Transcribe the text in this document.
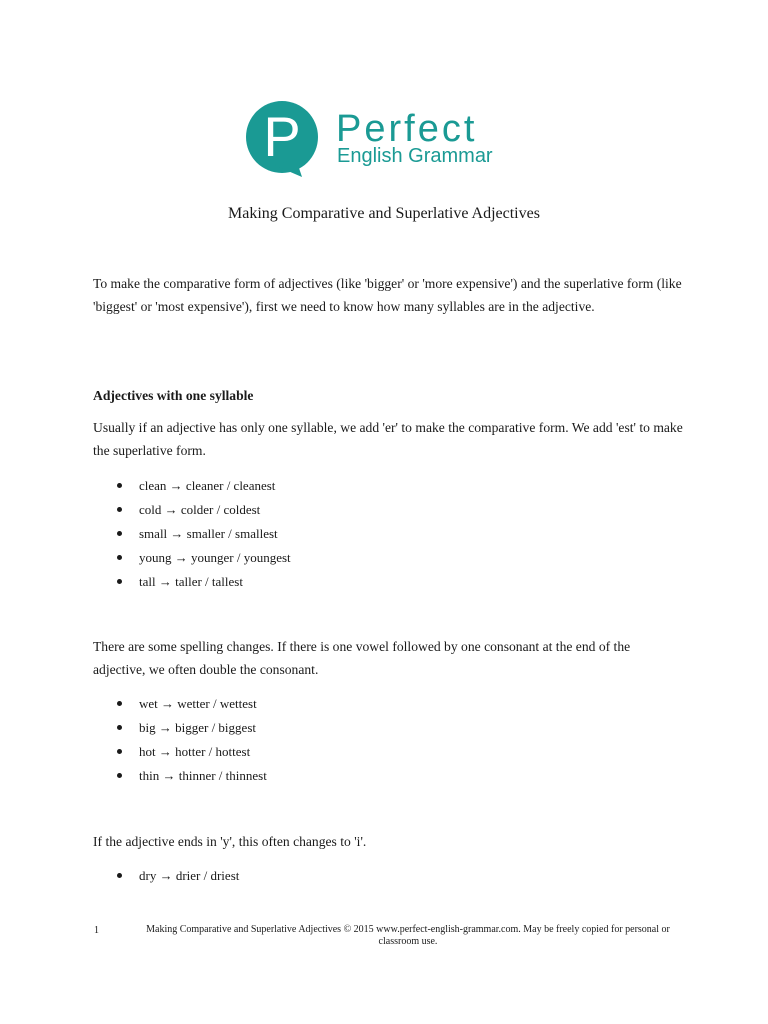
P Perfect
English Grammar
Making Comparative and Superlative Adjectives
To make the comparative form of adjectives (like 'bigger' or 'more expensive') and the superlative form (like 'biggest' or 'most expensive'), first we need to know how many syllables are in the adjective.
Adjectives with one syllable
Usually if an adjective has only one syllable, we add 'er' to make the comparative form. We add 'est' to make the superlative form.
clean → cleaner / cleanest
cold → colder / coldest
small → smaller / smallest
young → younger / youngest
tall → taller / tallest
There are some spelling changes. If there is one vowel followed by one consonant at the end of the adjective, we often double the consonant.
wet → wetter / wettest
big → bigger / biggest
hot → hotter / hottest
thin → thinner / thinnest
If the adjective ends in 'y', this often changes to 'i'.
dry → drier / driest
1	Making Comparative and Superlative Adjectives © 2015 www.perfect-english-grammar.com. May be freely copied for personal or classroom use.
